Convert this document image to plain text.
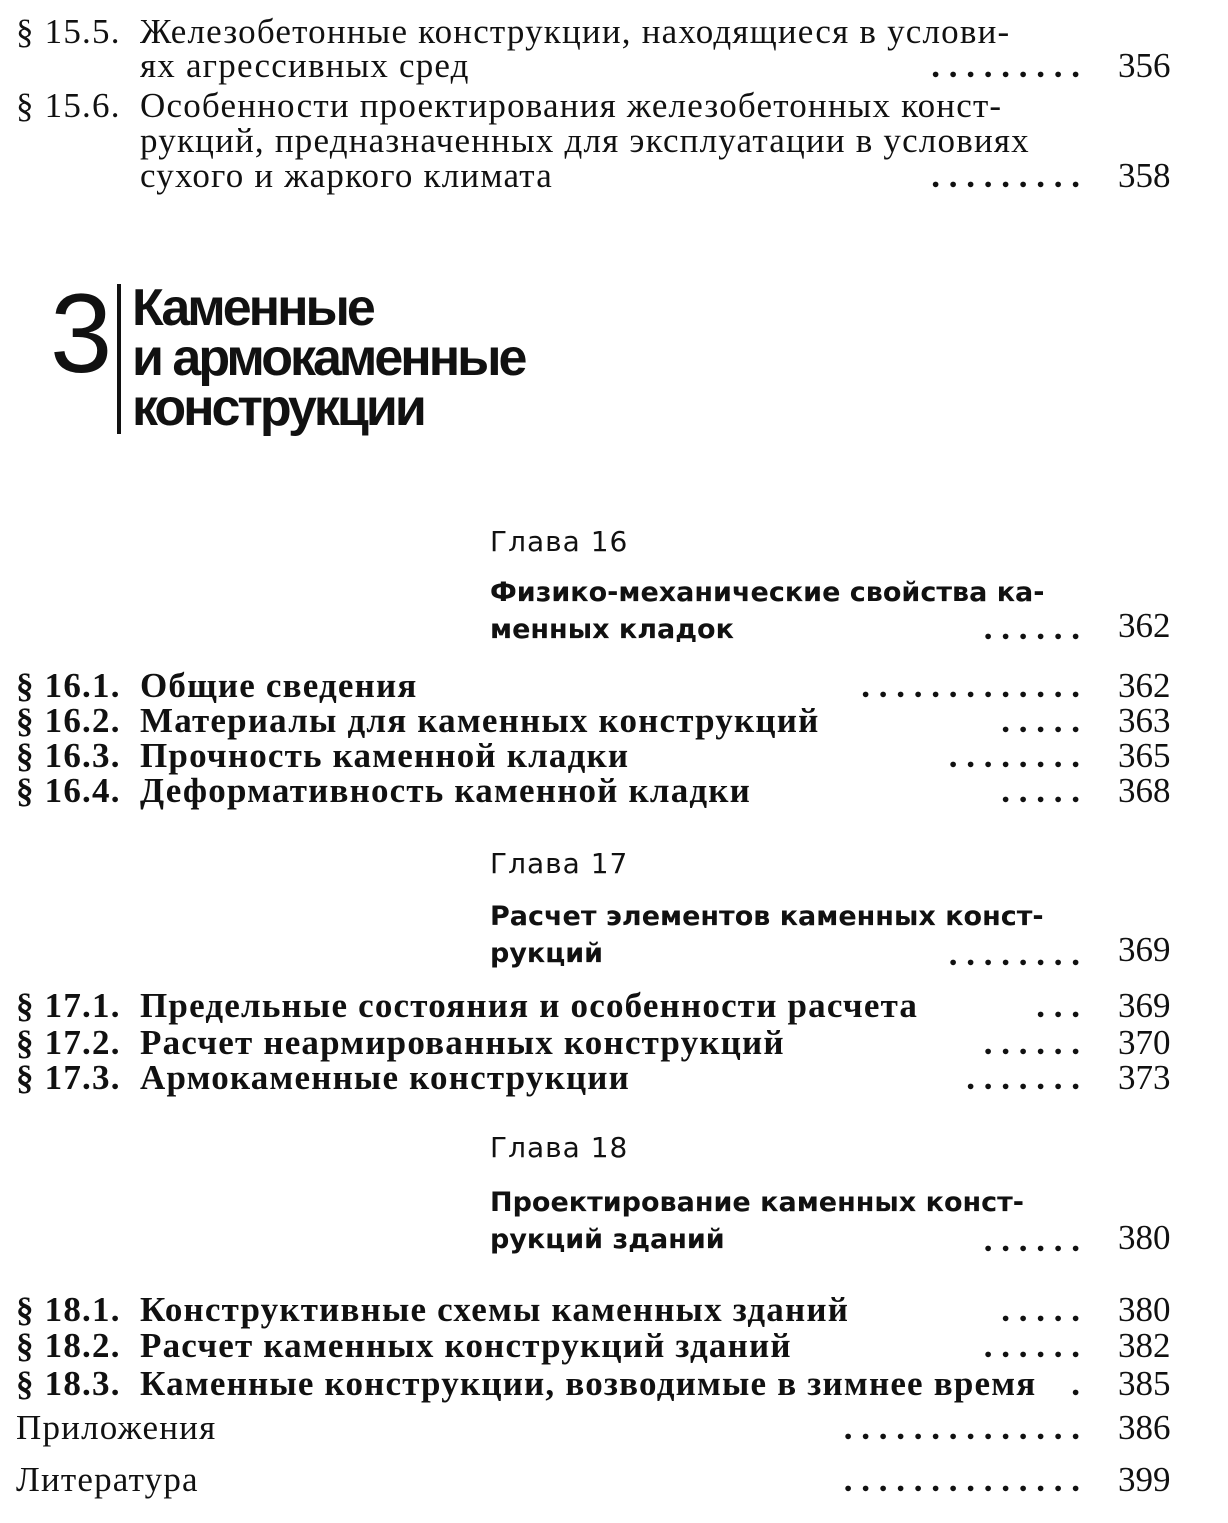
§ 15.5. Железобетонные конструкции, находящиеся в услови-
ях агрессивных сред	. . . . . . . . . 356
§ 15.6. Особенности проектирования железобетонных конст-
рукций, предназначенных для эксплуатации в условиях
сухого и жаркого климата	. . . . . . . . . 358
3 Каменные
и армокаменные
конструкции
Глава 16
Физико-механические свойства ка-
менных кладок	. . . . . . 362
§ 16.1. Общие сведения	. . . . . . . . . . . . . 362
§ 16.2. Материалы для каменных конструкций	. . . . . 363
§ 16.3. Прочность каменной кладки	. . . . . . . . 365
§ 16.4. Деформативность каменной кладки	. . . . . 368
Глава 17
Расчет элементов каменных конст-
рукций	. . . . . . . . 369
§ 17.1. Предельные состояния и особенности расчета	. . . 369
§ 17.2. Расчет неармированных конструкций	. . . . . . 370
§ 17.3. Армокаменные конструкции	. . . . . . . 373
Глава 18
Проектирование каменных конст-
рукций зданий	. . . . . . 380
§ 18.1. Конструктивные схемы каменных зданий	. . . . . 380
§ 18.2. Расчет каменных конструкций зданий	. . . . . . 382
§ 18.3. Каменные конструкции, возводимые в зимнее время . 385
Приложения	. . . . . . . . . . . . . . 386
Литература	. . . . . . . . . . . . . . 399
